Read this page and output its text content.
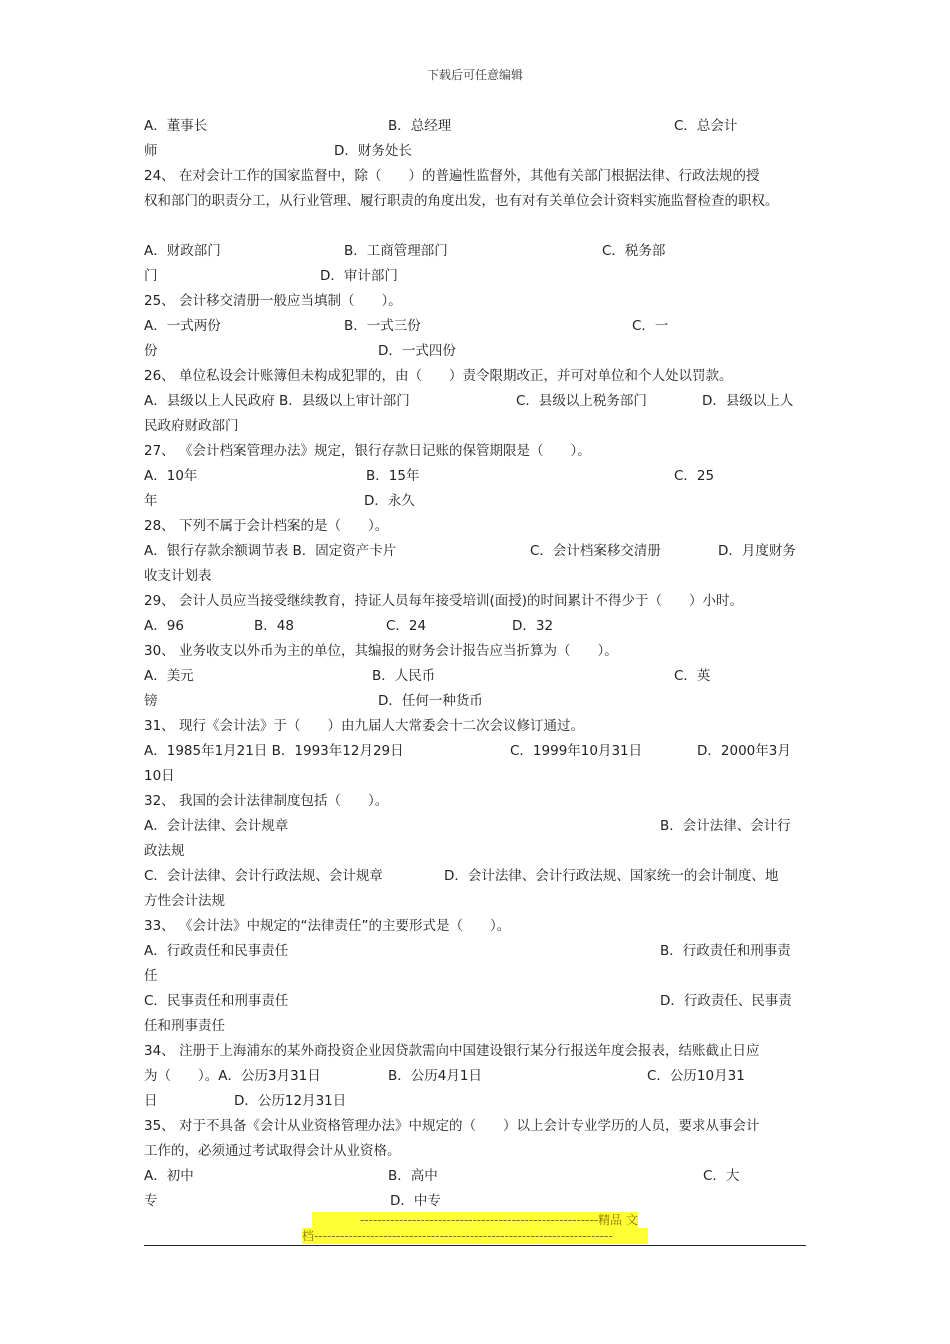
下载后可任意编辑
A．董事长	B．总经理	C．总会计
师	D．财务处长
24、 在对会计工作的国家监督中，除（　　）的普遍性监督外，其他有关部门根据法律、行政法规的授
权和部门的职责分工，从行业管理、履行职责的角度出发，也有对有关单位会计资料实施监督检查的职权。
A．财政部门	B．工商管理部门	C．税务部
门	D．审计部门
25、 会计移交清册一般应当填制（　　）。
A．一式两份	B．一式三份	C．一
份	D．一式四份
26、 单位私设会计账簿但未构成犯罪的，由（　　）责令限期改正，并可对单位和个人处以罚款。
A．县级以上人民政府 B．县级以上审计部门	C．县级以上税务部门	D．县级以上人
民政府财政部门
27、 《会计档案管理办法》规定，银行存款日记账的保管期限是（　　）。
A．10年	B．15年	C．25
年	D．永久
28、 下列不属于会计档案的是（　　）。
A．银行存款余额调节表 B．固定资产卡片	C．会计档案移交清册	D．月度财务
收支计划表
29、 会计人员应当接受继续教育，持证人员每年接受培训(面授)的时间累计不得少于（　　）小时。
A．96	B．48	C．24	D．32
30、 业务收支以外币为主的单位，其编报的财务会计报告应当折算为（　　）。
A．美元	B．人民币	C．英
镑	D．任何一种货币
31、 现行《会计法》于（　　）由九届人大常委会十二次会议修订通过。
A．1985年1月21日 B．1993年12月29日	C．1999年10月31日	D．2000年3月
10日
32、 我国的会计法律制度包括（　　）。
A．会计法律、会计规章	B．会计法律、会计行
政法规
C．会计法律、会计行政法规、会计规章	D．会计法律、会计行政法规、国家统一的会计制度、地
方性会计法规
33、 《会计法》中规定的“法律责任”的主要形式是（　　）。
A．行政责任和民事责任	B．行政责任和刑事责
任
C．民事责任和刑事责任	D．行政责任、民事责
任和刑事责任
34、 注册于上海浦东的某外商投资企业因贷款需向中国建设银行某分行报送年度会报表，结账截止日应
为（　　）。A．公历3月31日	B．公历4月1日	C．公历10月31
日	D．公历12月31日
35、 对于不具备《会计从业资格管理办法》中规定的（　　）以上会计专业学历的人员，要求从事会计
工作的，必须通过考试取得会计从业资格。
A．初中	B．高中	C．大
专	D．中专
-------------------------------------------------------精品 文
档---------------------------------------------------------------------
